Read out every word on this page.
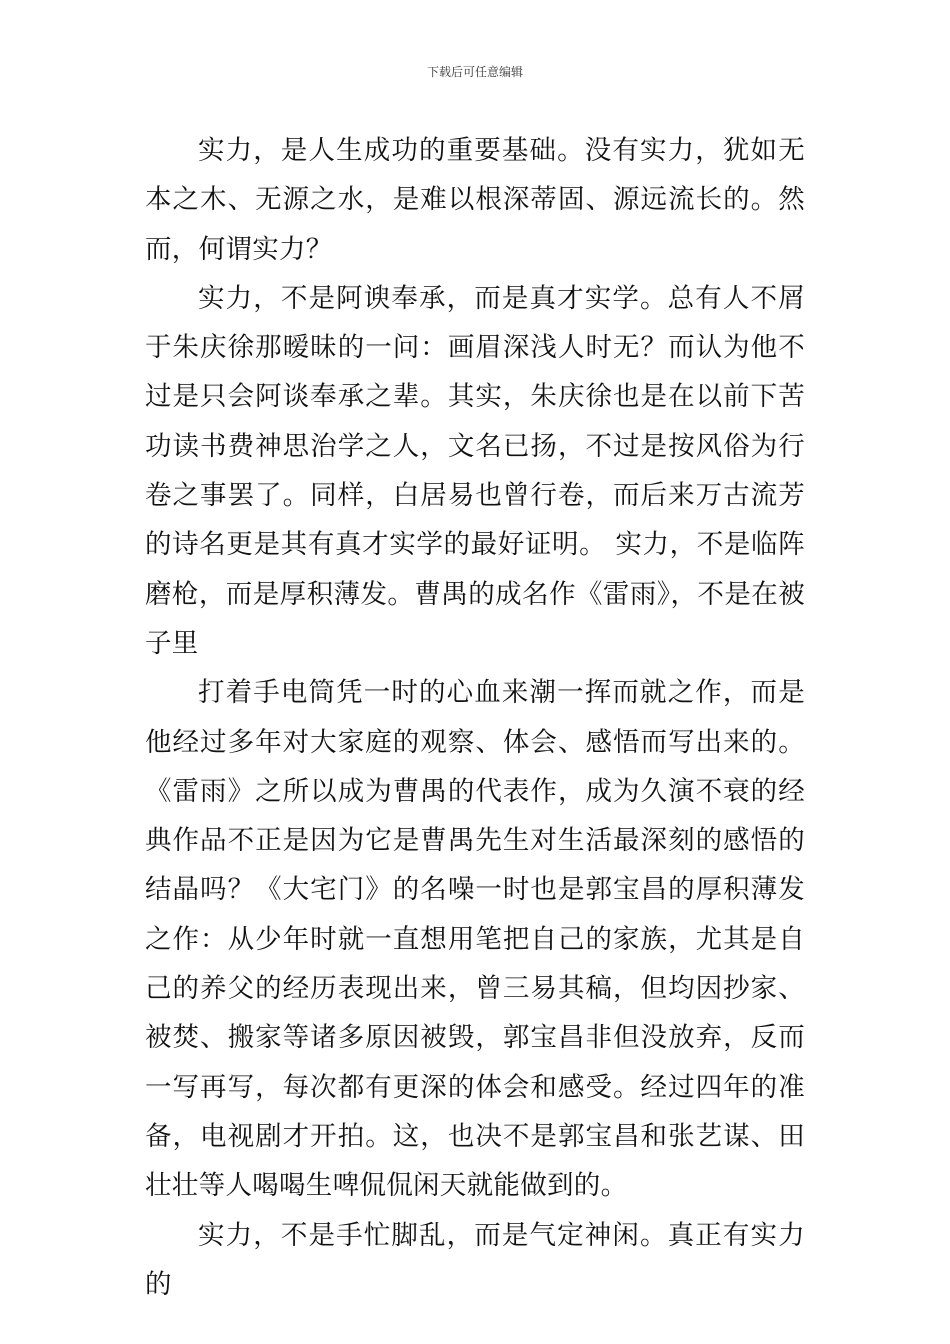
下载后可任意编辑

实力，是人生成功的重要基础。没有实力，犹如无本之木、无源之水，是难以根深蒂固、源远流长的。然而，何谓实力？

实力，不是阿谀奉承，而是真才实学。总有人不屑于朱庆徐那暧昧的一问：画眉深浅人时无？而认为他不过是只会阿谈奉承之辈。其实，朱庆徐也是在以前下苦功读书费神思治学之人，文名已扬，不过是按风俗为行卷之事罢了。同样，白居易也曾行卷，而后来万古流芳的诗名更是其有真才实学的最好证明。 实力，不是临阵磨枪，而是厚积薄发。曹禺的成名作《雷雨》，不是在被子里

打着手电筒凭一时的心血来潮一挥而就之作，而是他经过多年对大家庭的观察、体会、感悟而写出来的。《雷雨》之所以成为曹禺的代表作，成为久演不衰的经典作品不正是因为它是曹禺先生对生活最深刻的感悟的结晶吗？《大宅门》的名噪一时也是郭宝昌的厚积薄发之作：从少年时就一直想用笔把自己的家族，尤其是自己的养父的经历表现出来，曾三易其稿，但均因抄家、被焚、搬家等诸多原因被毁，郭宝昌非但没放弃，反而一写再写，每次都有更深的体会和感受。经过四年的准备，电视剧才开拍。这，也决不是郭宝昌和张艺谋、田壮壮等人喝喝生啤侃侃闲天就能做到的。

实力，不是手忙脚乱，而是气定神闲。真正有实力的
